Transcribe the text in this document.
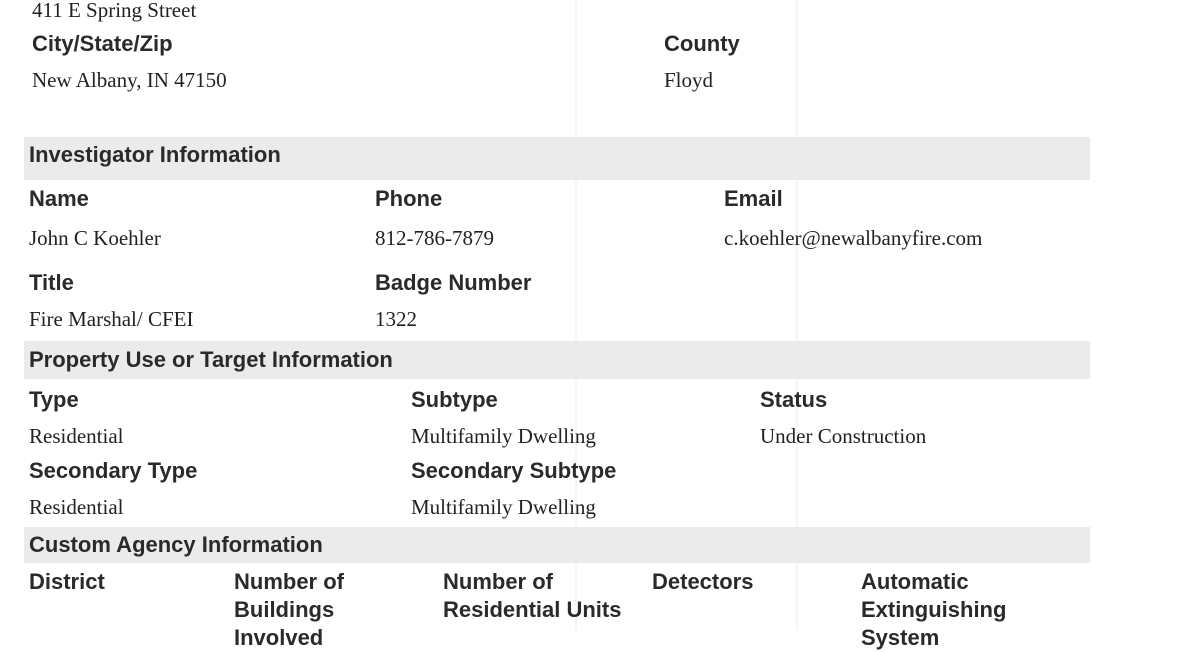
411 E Spring Street
City/State/Zip
New Albany, IN 47150
County
Floyd
Investigator Information
Name
John C Koehler
Phone
812-786-7879
Email
c.koehler@newalbanyfire.com
Title
Fire Marshal/ CFEI
Badge Number
1322
Property Use or Target Information
Type
Residential
Subtype
Multifamily Dwelling
Status
Under Construction
Secondary Type
Residential
Secondary Subtype
Multifamily Dwelling
Custom Agency Information
District	Number of
Buildings
Involved
Number of
Residential Units
Detectors	Automatic
Extinguishing
System
